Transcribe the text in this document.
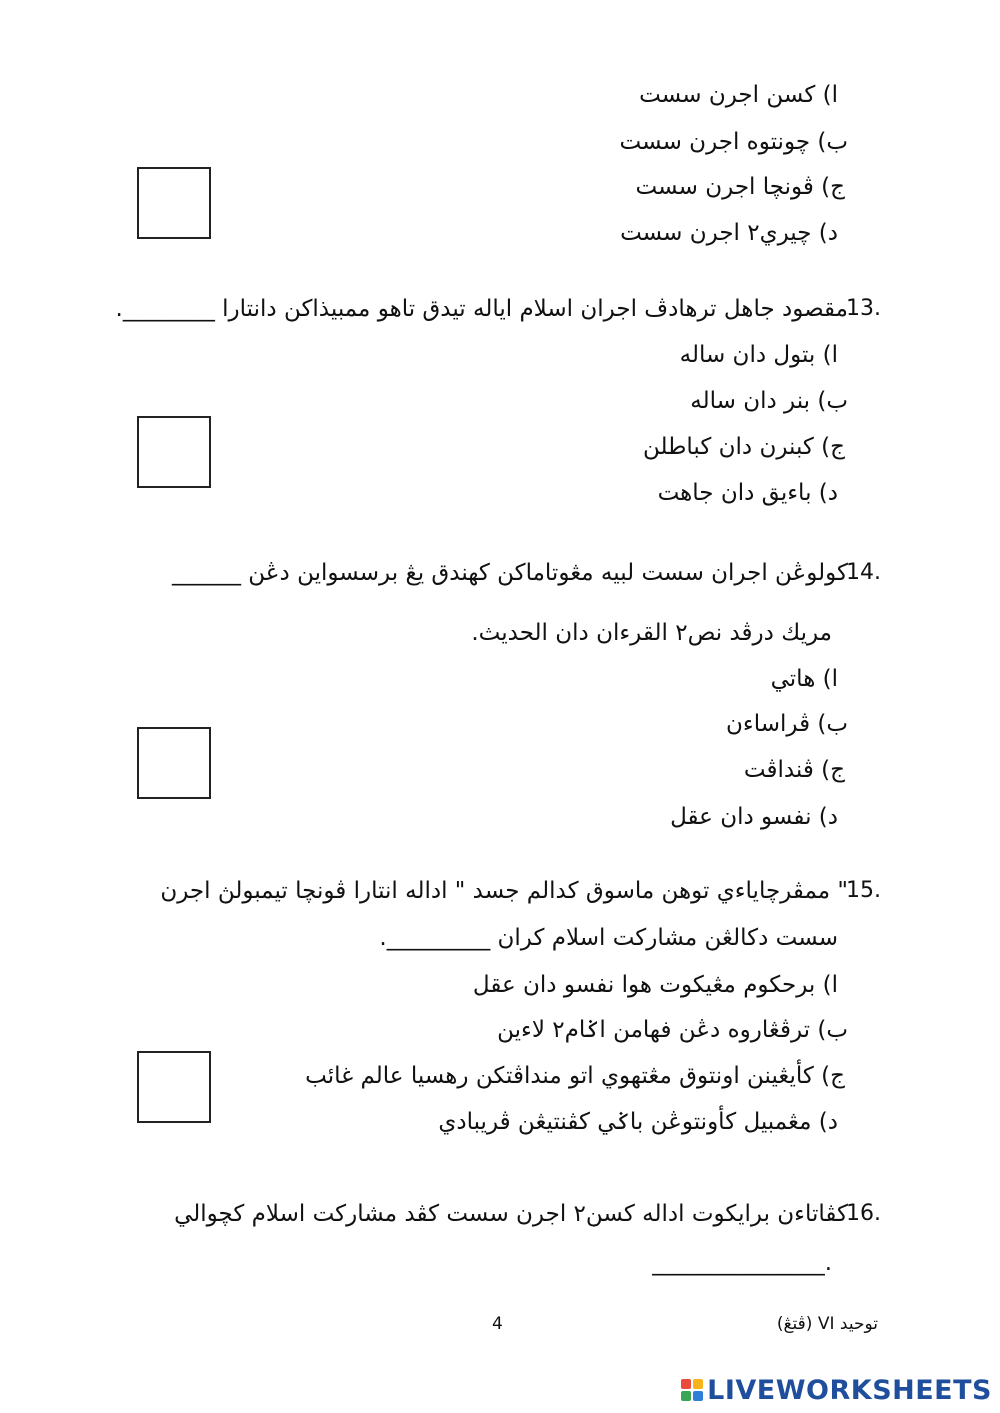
ا) كسن اجرن سست
ب) چونتوه اجرن سست
ج) ڤونچا اجرن سست
د) چيري٢ اجرن سست
13.
مقصود جاهل ترهادڤ اجران اسلام اياله تيدق تاهو ممبيذاكن دانتارا ________.
ا) بتول دان ساله
ب) بنر دان ساله
ج) كبنرن دان كباطلن
د) باءيق دان جاهت
14.
كولوڠن اجران سست لبيه مڠوتاماكن كهندق يڠ برسسواين دڠن ______
مريك درڤد نص٢ القرءان دان الحديث.
ا) هاتي
ب) ڤراساءن
ج) ڤنداڤت
د) نفسو دان عقل
15.
" ممڤرچاياءي توهن ماسوق كدالم جسد " اداله انتارا ڤونچا تيمبولڽ اجرن
سست دكالڠن مشاركت اسلام كران _________.
ا) برحكوم مڠيكوت هوا نفسو دان عقل
ب) ترڤڠاروه دڠن فهامن اݢام٢ لاءين
ج) كأيڠينن اونتوق مڠتهوي اتو منداڤتكن رهسيا عالم غائب
د) مڠمبيل كأونتوڠن باݢي كڤنتيڠن ڤريبادي
16.
كڤاتاءن برايكوت اداله كسن٢ اجرن سست كڤد مشاركت اسلام كچوالي
._______________
توحيد VI (ڤتڠ)
4
LIVEWORKSHEETS
